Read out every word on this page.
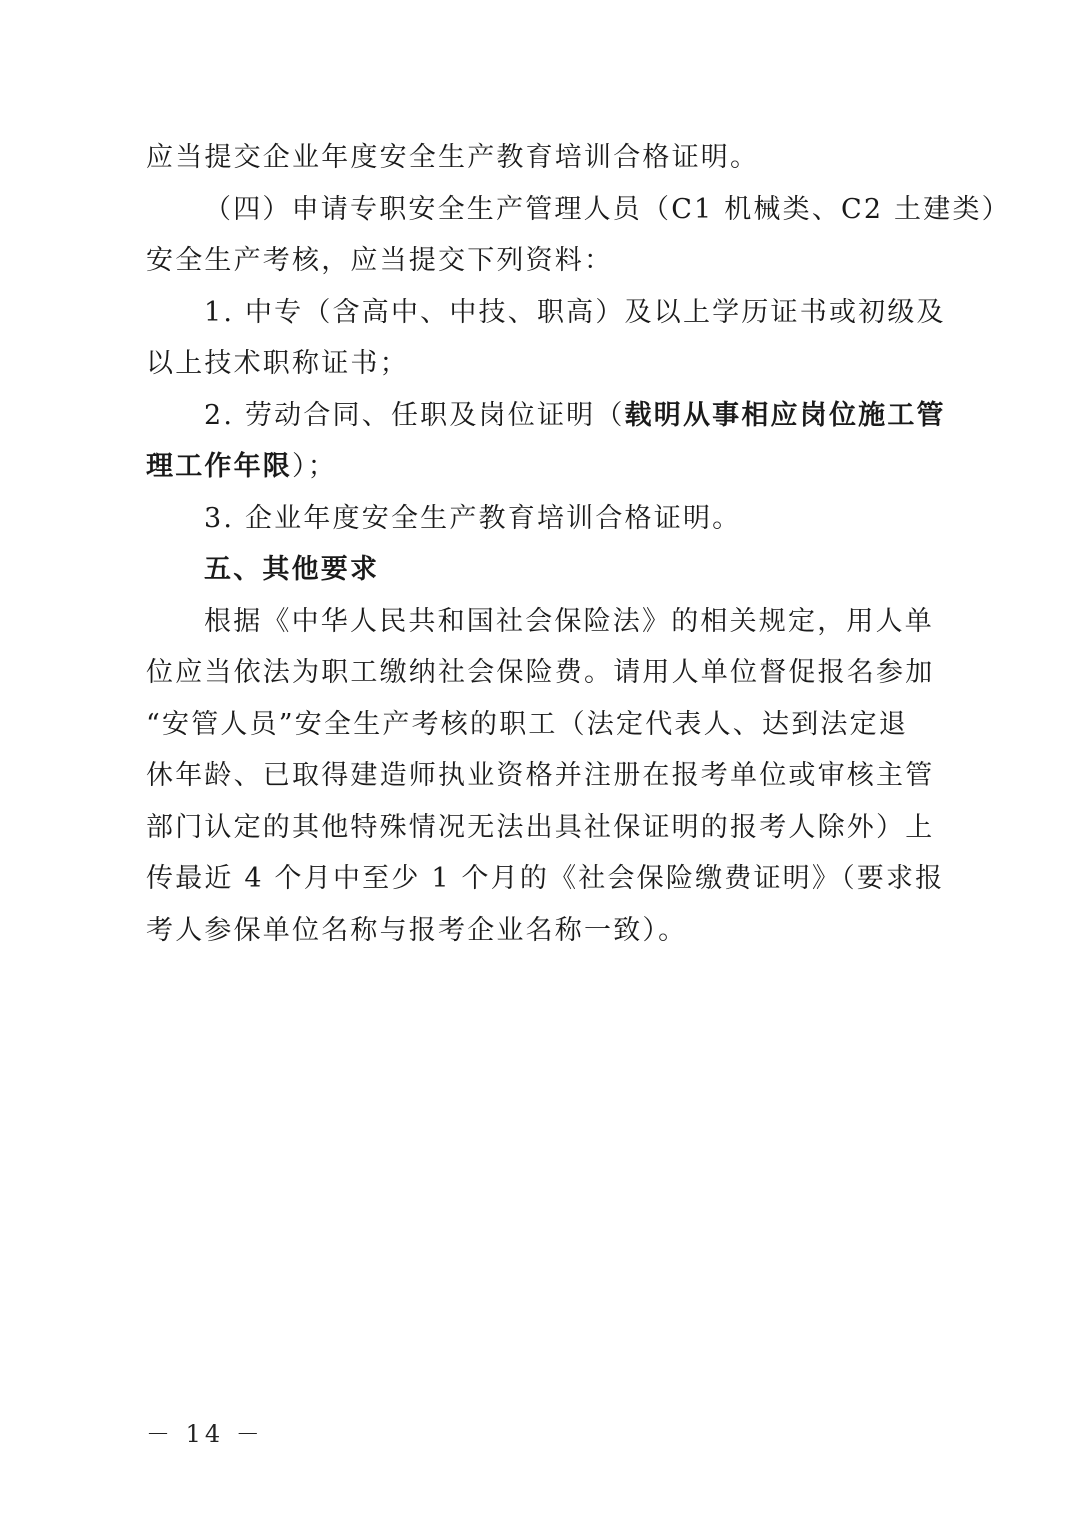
应当提交企业年度安全生产教育培训合格证明。
（四）申请专职安全生产管理人员（C1 机械类、C2 土建类）
安全生产考核，应当提交下列资料：
1. 中专（含高中、中技、职高）及以上学历证书或初级及
以上技术职称证书；
2. 劳动合同、任职及岗位证明（载明从事相应岗位施工管
理工作年限）；
3. 企业年度安全生产教育培训合格证明。
五、其他要求
根据《中华人民共和国社会保险法》的相关规定，用人单
位应当依法为职工缴纳社会保险费。请用人单位督促报名参加
“安管人员”安全生产考核的职工（法定代表人、达到法定退
休年龄、已取得建造师执业资格并注册在报考单位或审核主管
部门认定的其他特殊情况无法出具社保证明的报考人除外）上
传最近 4 个月中至少 1 个月的《社会保险缴费证明》（要求报
考人参保单位名称与报考企业名称一致）。
－ 14 －
